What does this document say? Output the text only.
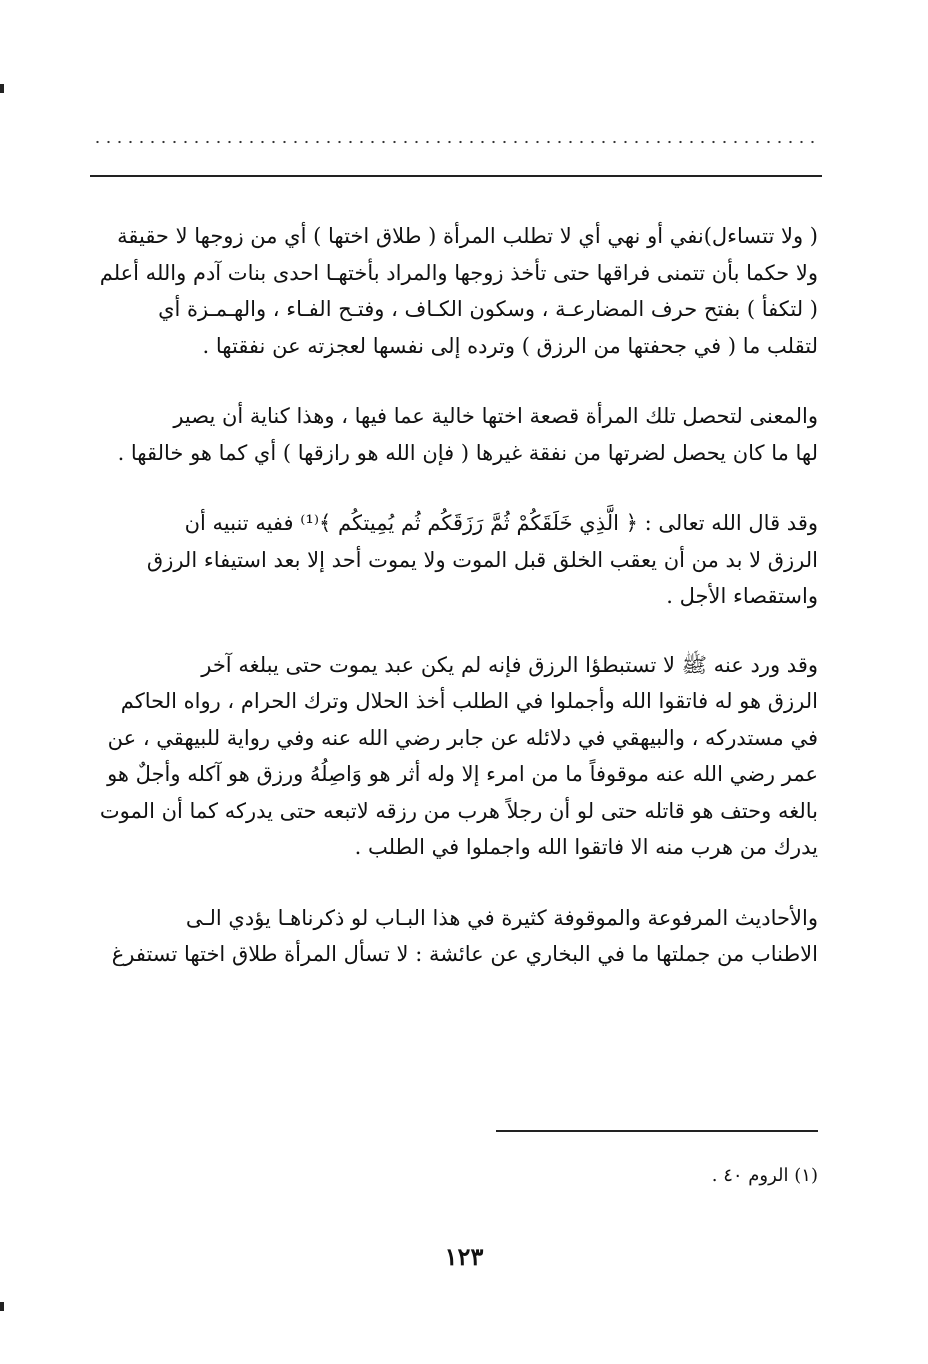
( ولا تتساءل)نفي أو نهي أي لا تطلب المرأة ( طلاق اختها ) أي من زوجها لا حقيقة
ولا حكما بأن تتمنى فراقها حتى تأخذ زوجها والمراد بأختهـا احدى بنات آدم والله أعلم
( لتكفأ ) بفتح حرف المضارعـة ، وسكون الكـاف ، وفتـح الفـاء ، والهـمـزة أي
لتقلب ما ( في جحفتها من الرزق ) وترده إلى نفسها لعجزته عن نفقتها .

والمعنى لتحصل تلك المرأة قصعة اختها خالية عما فيها ، وهذا كناية أن يصير
لها ما كان يحصل لضرتها من نفقة غيرها ( فإن الله هو رازقها ) أي كما هو خالقها .

وقد قال الله تعالى : ﴿ الَّذِي خَلَقَكُمْ ثُمَّ رَزَقَكُم ثُم يُمِيتكُم ﴾⁽¹⁾ ففيه تنبيه أن
الرزق لا بد من أن يعقب الخلق قبل الموت ولا يموت أحد إلا بعد استيفاء الرزق
واستقصاء الأجل .

وقد ورد عنه ﷺ لا تستبطؤا الرزق فإنه لم يكن عبد يموت حتى يبلغه آخر
الرزق هو له فاتقوا الله وأجملوا في الطلب أخذ الحلال وترك الحرام ، رواه الحاكم
في مستدركه ، والبيهقي في دلائله عن جابر رضي الله عنه وفي رواية للبيهقي ، عن
عمر رضي الله عنه موقوفاً ما من امرء إلا وله أثر هو وَاصِلُهُ ورزق هو آكله وأجلٌ هو
بالغه وحتف هو قاتله حتى لو أن رجلاً هرب من رزقه لاتبعه حتى يدركه كما أن الموت
يدرك من هرب منه الا فاتقوا الله واجملوا في الطلب .

والأحاديث المرفوعة والموقوفة كثيرة في هذا البـاب لو ذكرناهـا يؤدي الـى
الاطناب من جملتها ما في البخاري عن عائشة : لا تسأل المرأة طلاق اختها تستفرغ

(١) الروم ٤٠ .
١٢٣
